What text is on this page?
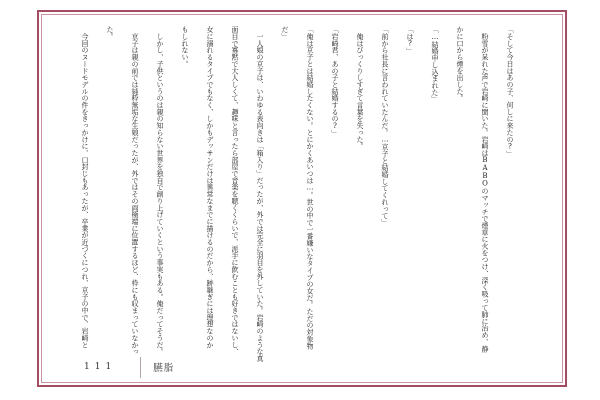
「そして今日はあの子、何しに来たの?」
　粉雪が呆れた声で岩崎に聞いた。岩崎はBABOのマッチで煙草に火をつけ、深く吸って肺に治め、静
かに口から煙を出した。
「…結婚申し込まれた」
「は?」
「前から社長に言われていたんだ。…京子と結婚してくれって」
　俺はびっくりしすぎて言葉を失った。
「岩崎君、あの子と結婚するの?」
「俺は京子とは結婚したくない。とにかくあいつは…。世の中で一番嫌いなタイプの女だ。ただの対象物
だ」
　一人娘の京子は、いわゆる表向きは「箱入り」だったが、外では完全に羽目を外していた。岩崎のような真
面目で寡黙で大人しくて、趣味と言ったら部屋で音楽を聴くくらいで、派手に飲むことも好きではないし、
女に溺れるタイプでもなく、しかもデッサンだけは異常なまでに描けるのだから、跡継ぎには理想なのか
もしれない。
　しかし、子供というのは親の知らない世界を独自で創り上げていくという事実もある。俺だってそうだ。
　京子は親の前では純粋無垢な生娘だったが、外ではその両極端に位置するほど、枠にも収まっていなかっ
た。
　今回のヌードモデルの件をきっかけに、口封じもあったが、卒業が近づくにつれ、京子の中で、岩崎と
111	臙脂
